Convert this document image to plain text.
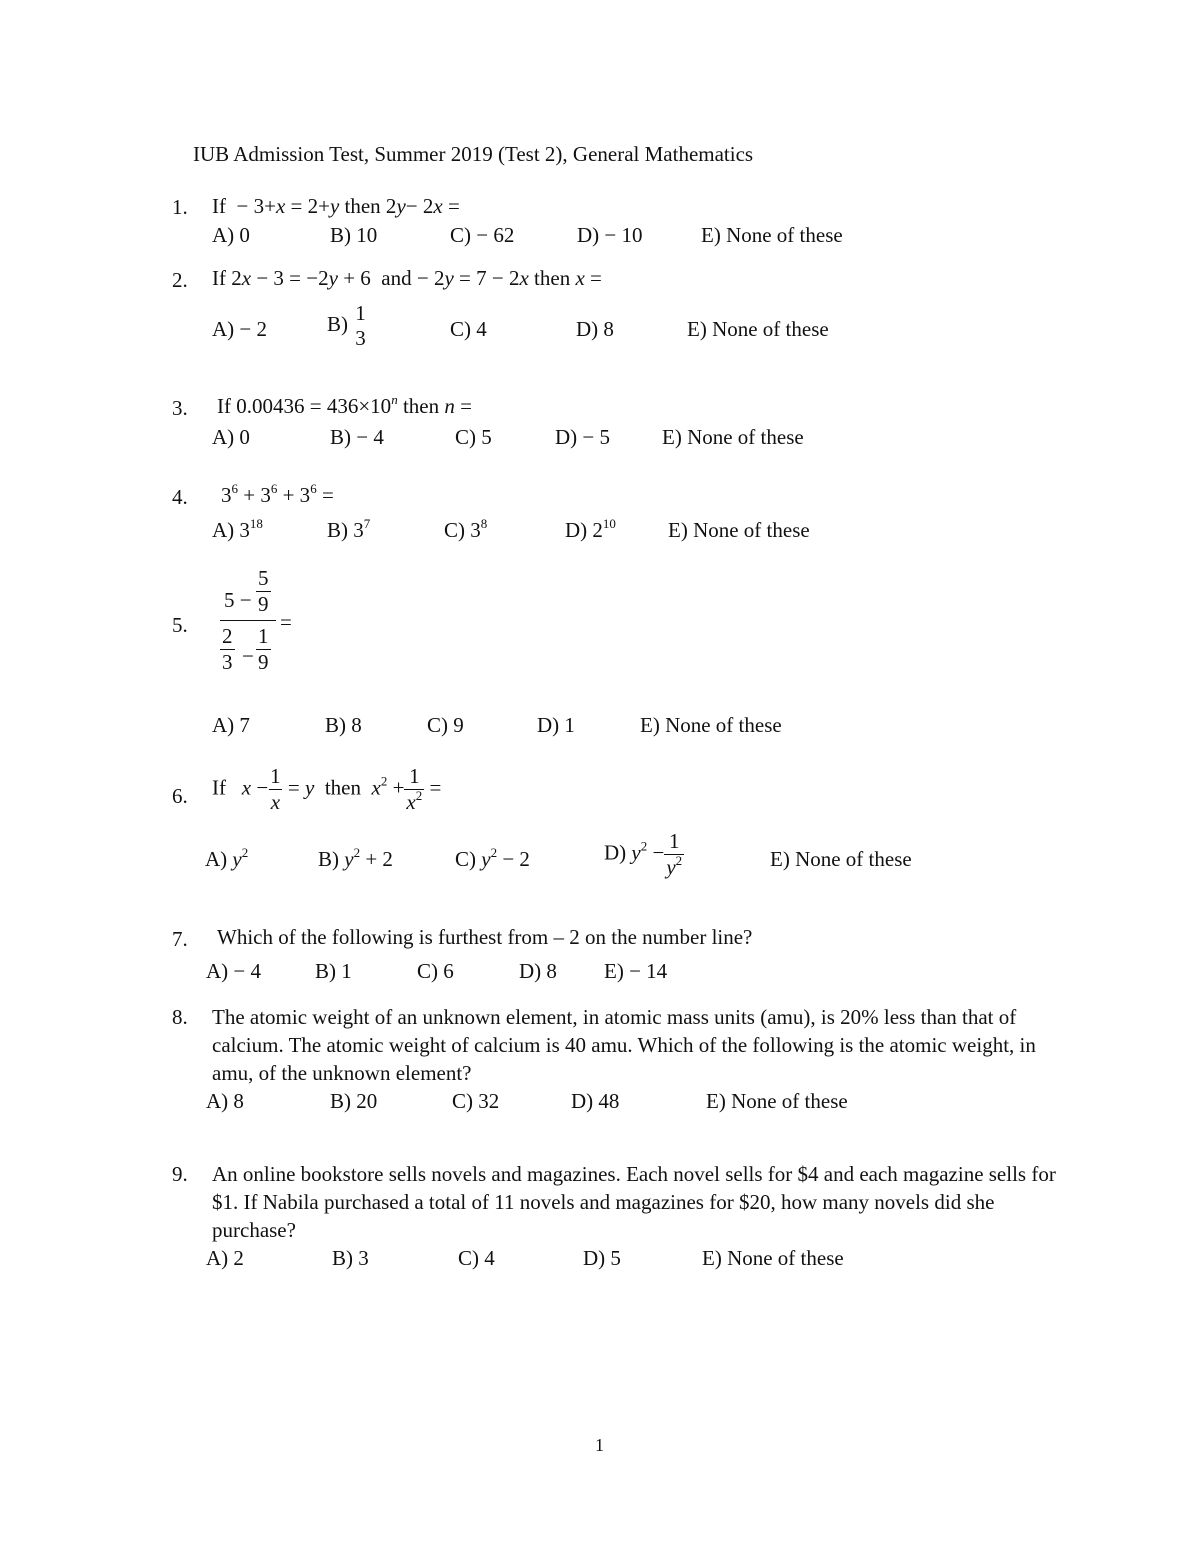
IUB Admission Test, Summer 2019 (Test 2), General Mathematics
1. If − 3+x = 2+y then 2y− 2x =
A) 0	B) 10	C) − 62	D) − 10	E) None of these
2. If 2x − 3 = −2y + 6 and − 2y = 7 − 2x then x =
A) − 2	B) 1
3	C) 4	D) 8	E) None of these
3. If $0.00436 = 436\times 10^n$ then n =
A) 0	B) − 4	C) 5	D) − 5 E) None of these
4. $3^6 + 3^6 + 3^6$ =
A) $3^{18}$	B) $3^7$	C) $3^8$	D) $2^{10}$ E) None of these
5.
$5 - \frac{5}{9}$
=
$\frac{2}{3} - \frac{1}{9}$
A) 7	B) 8	C) 9	D) 1	E) None of these
6. If $x - \frac{1}{x} = y$ then $x^2 + \frac{1}{x^2}$ =
A) $y^2$	B) $y^2 + 2$	C) $y^2 - 2$	D) $y^2 - \frac{1}{y^2}$	E) None of these
7. Which of the following is furthest from – 2 on the number line?
A) − 4	B) 1	C) 6	D) 8 E) − 14
8. The atomic weight of an unknown element, in atomic mass units (amu), is 20% less than that of calcium. The atomic weight of calcium is 40 amu. Which of the following is the atomic weight, in amu, of the unknown element?
A) 8	B) 20	C) 32	D) 48	E) None of these
9. An online bookstore sells novels and magazines. Each novel sells for $4 and each magazine sells for $1. If Nabila purchased a total of 11 novels and magazines for $20, how many novels did she purchase?
A) 2	B) 3	C) 4	D) 5	E) None of these
1
